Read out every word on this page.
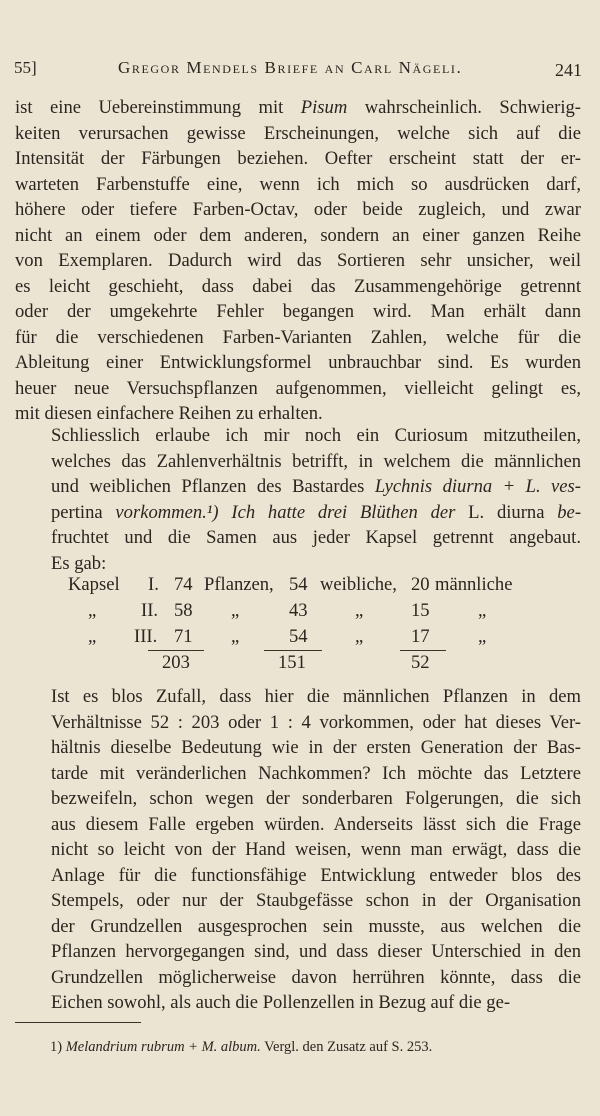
55]	Gregor Mendels Briefe an Carl Nägeli.	241
ist eine Uebereinstimmung mit Pisum wahrscheinlich. Schwierig-
keiten verursachen gewisse Erscheinungen, welche sich auf die
Intensität der Färbungen beziehen. Oefter erscheint statt der er-
warteten Farbenstuffe eine, wenn ich mich so ausdrücken darf,
höhere oder tiefere Farben-Octav, oder beide zugleich, und zwar
nicht an einem oder dem anderen, sondern an einer ganzen Reihe
von Exemplaren. Dadurch wird das Sortieren sehr unsicher, weil
es leicht geschieht, dass dabei das Zusammengehörige getrennt
oder der umgekehrte Fehler begangen wird. Man erhält dann
für die verschiedenen Farben-Varianten Zahlen, welche für die
Ableitung einer Entwicklungsformel unbrauchbar sind. Es wurden
heuer neue Versuchspflanzen aufgenommen, vielleicht gelingt es,
mit diesen einfachere Reihen zu erhalten.
Schliesslich erlaube ich mir noch ein Curiosum mitzutheilen,
welches das Zahlenverhältnis betrifft, in welchem die männlichen
und weiblichen Pflanzen des Bastardes Lychnis diurna + L. ves-
pertina vorkommen.¹) Ich hatte drei Blüthen der L. diurna be-
fruchtet und die Samen aus jeder Kapsel getrennt angebaut.
Es gab:
Kapsel I. 74 Pflanzen, 54 weibliche, 20 männliche
„ II. 58 „	43	„	15	„
„ III. 71 „	54	„	17	„
203	151	52
Ist es blos Zufall, dass hier die männlichen Pflanzen in dem
Verhältnisse 52 : 203 oder 1 : 4 vorkommen, oder hat dieses Ver-
hältnis dieselbe Bedeutung wie in der ersten Generation der Bas-
tarde mit veränderlichen Nachkommen? Ich möchte das Letztere
bezweifeln, schon wegen der sonderbaren Folgerungen, die sich
aus diesem Falle ergeben würden. Anderseits lässt sich die Frage
nicht so leicht von der Hand weisen, wenn man erwägt, dass die
Anlage für die functionsfähige Entwicklung entweder blos des
Stempels, oder nur der Staubgefässe schon in der Organisation
der Grundzellen ausgesprochen sein musste, aus welchen die
Pflanzen hervorgegangen sind, und dass dieser Unterschied in den
Grundzellen möglicherweise davon herrühren könnte, dass die
Eichen sowohl, als auch die Pollenzellen in Bezug auf die ge-
1) Melandrium rubrum + M. album. Vergl. den Zusatz auf S. 253.
